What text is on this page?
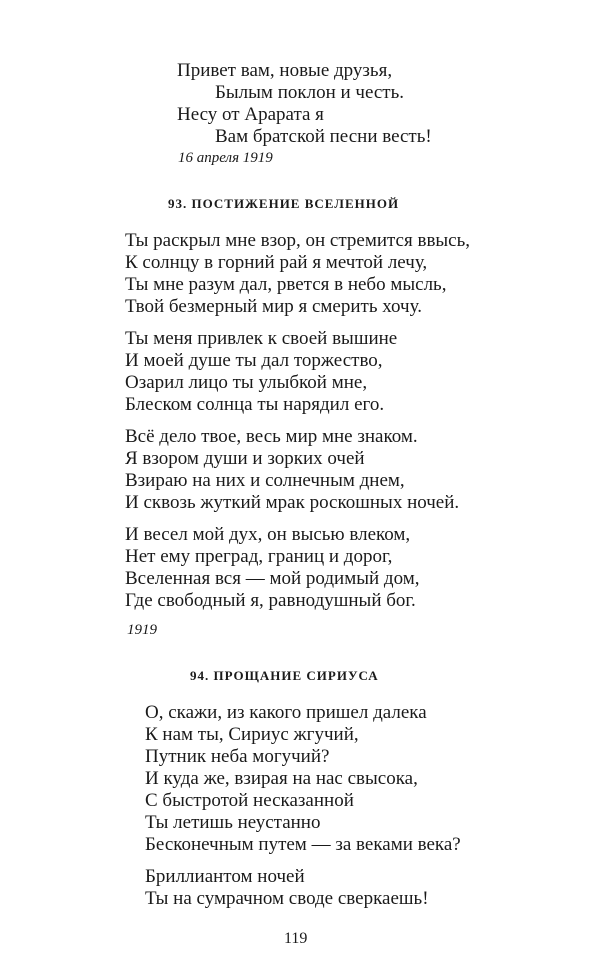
Привет вам, новые друзья,
Былым поклон и честь.
Несу от Арарата я
Вам братской песни весть!
16 апреля 1919
93. ПОСТИЖЕНИЕ ВСЕЛЕННОЙ
Ты раскрыл мне взор, он стремится ввысь,
К солнцу в горний рай я мечтой лечу,
Ты мне разум дал, рвется в небо мысль,
Твой безмерный мир я смерить хочу.
Ты меня привлек к своей вышине
И моей душе ты дал торжество,
Озарил лицо ты улыбкой мне,
Блеском солнца ты нарядил его.
Всё дело твое, весь мир мне знаком.
Я взором души и зорких очей
Взираю на них и солнечным днем,
И сквозь жуткий мрак роскошных ночей.
И весел мой дух, он высью влеком,
Нет ему преград, границ и дорог,
Вселенная вся — мой родимый дом,
Где свободный я, равнодушный бог.
1919
94. ПРОЩАНИЕ СИРИУСА
О, скажи, из какого пришел далека
К нам ты, Сириус жгучий,
Путник неба могучий?
И куда же, взирая на нас свысока,
С быстротой несказанной
Ты летишь неустанно
Бесконечным путем — за веками века?
Бриллиантом ночей
Ты на сумрачном своде сверкаешь!
119
